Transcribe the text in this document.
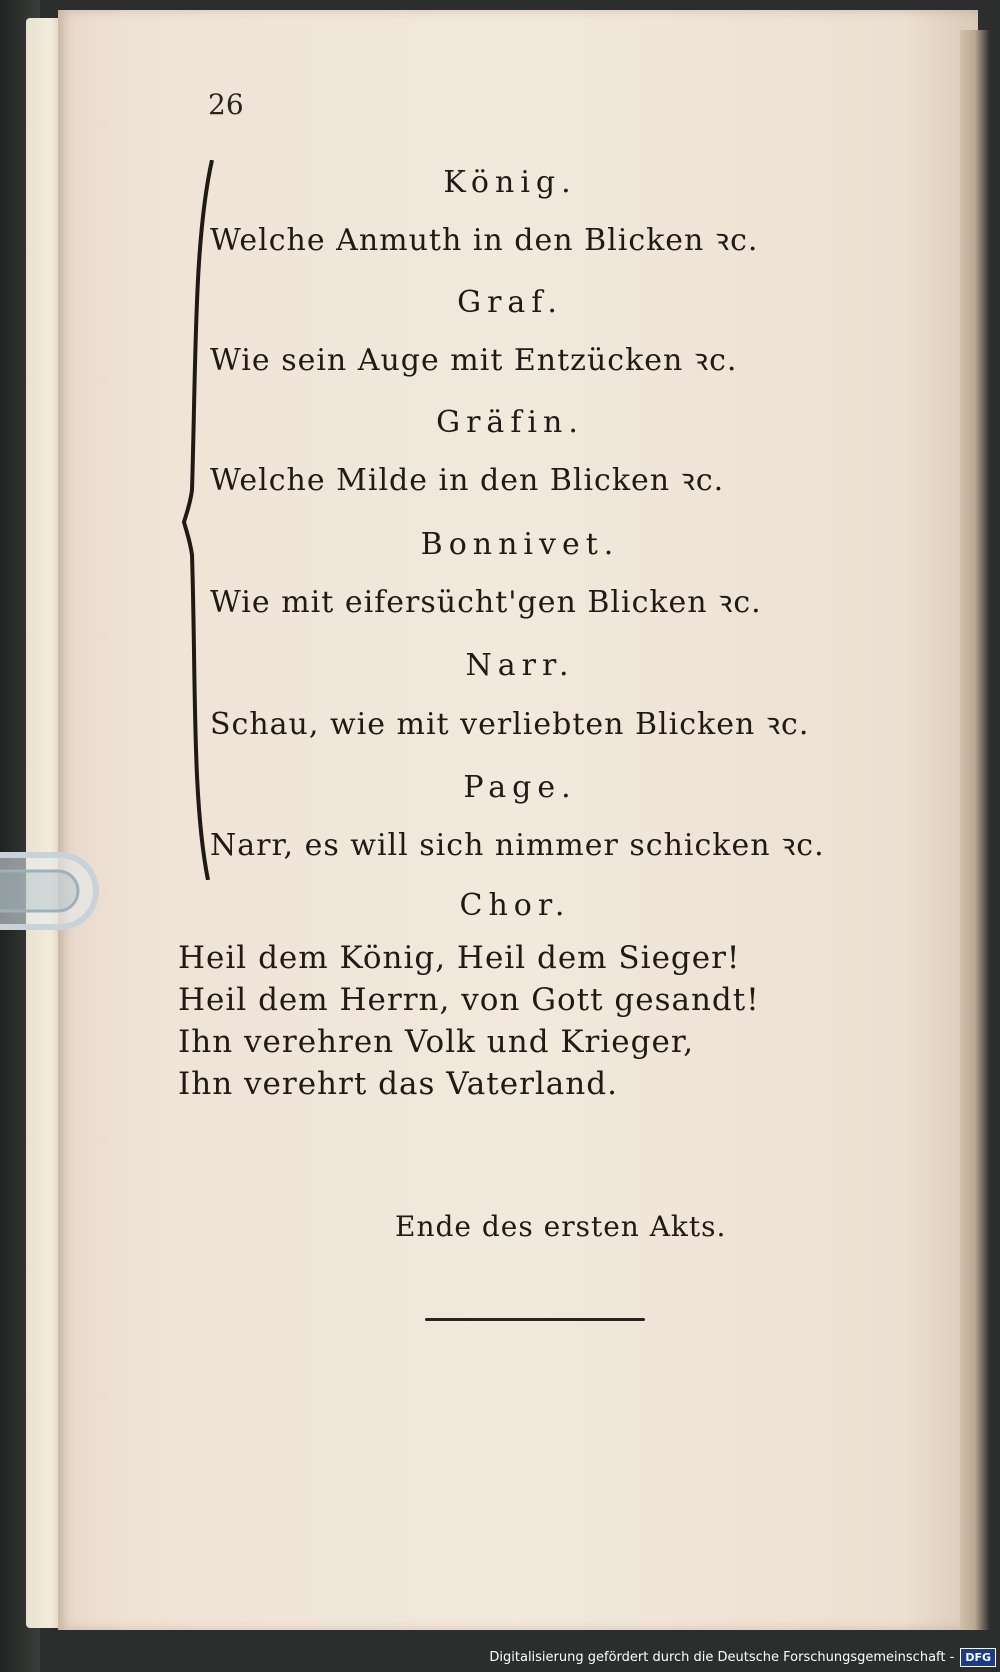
26
König.
Welche Anmuth in den Blicken ꝛc.
Graf.
Wie sein Auge mit Entzücken ꝛc.
Gräfin.
Welche Milde in den Blicken ꝛc.
Bonnivet.
Wie mit eifersücht'gen Blicken ꝛc.
Narr.
Schau, wie mit verliebten Blicken ꝛc.
Page.
Narr, es will sich nimmer schicken ꝛc.
Chor.
Heil dem König, Heil dem Sieger!
Heil dem Herrn, von Gott gesandt!
Ihn verehren Volk und Krieger,
Ihn verehrt das Vaterland.
Ende des ersten Akts.
Digitalisierung gefördert durch die Deutsche Forschungsgemeinschaft -	DFG
